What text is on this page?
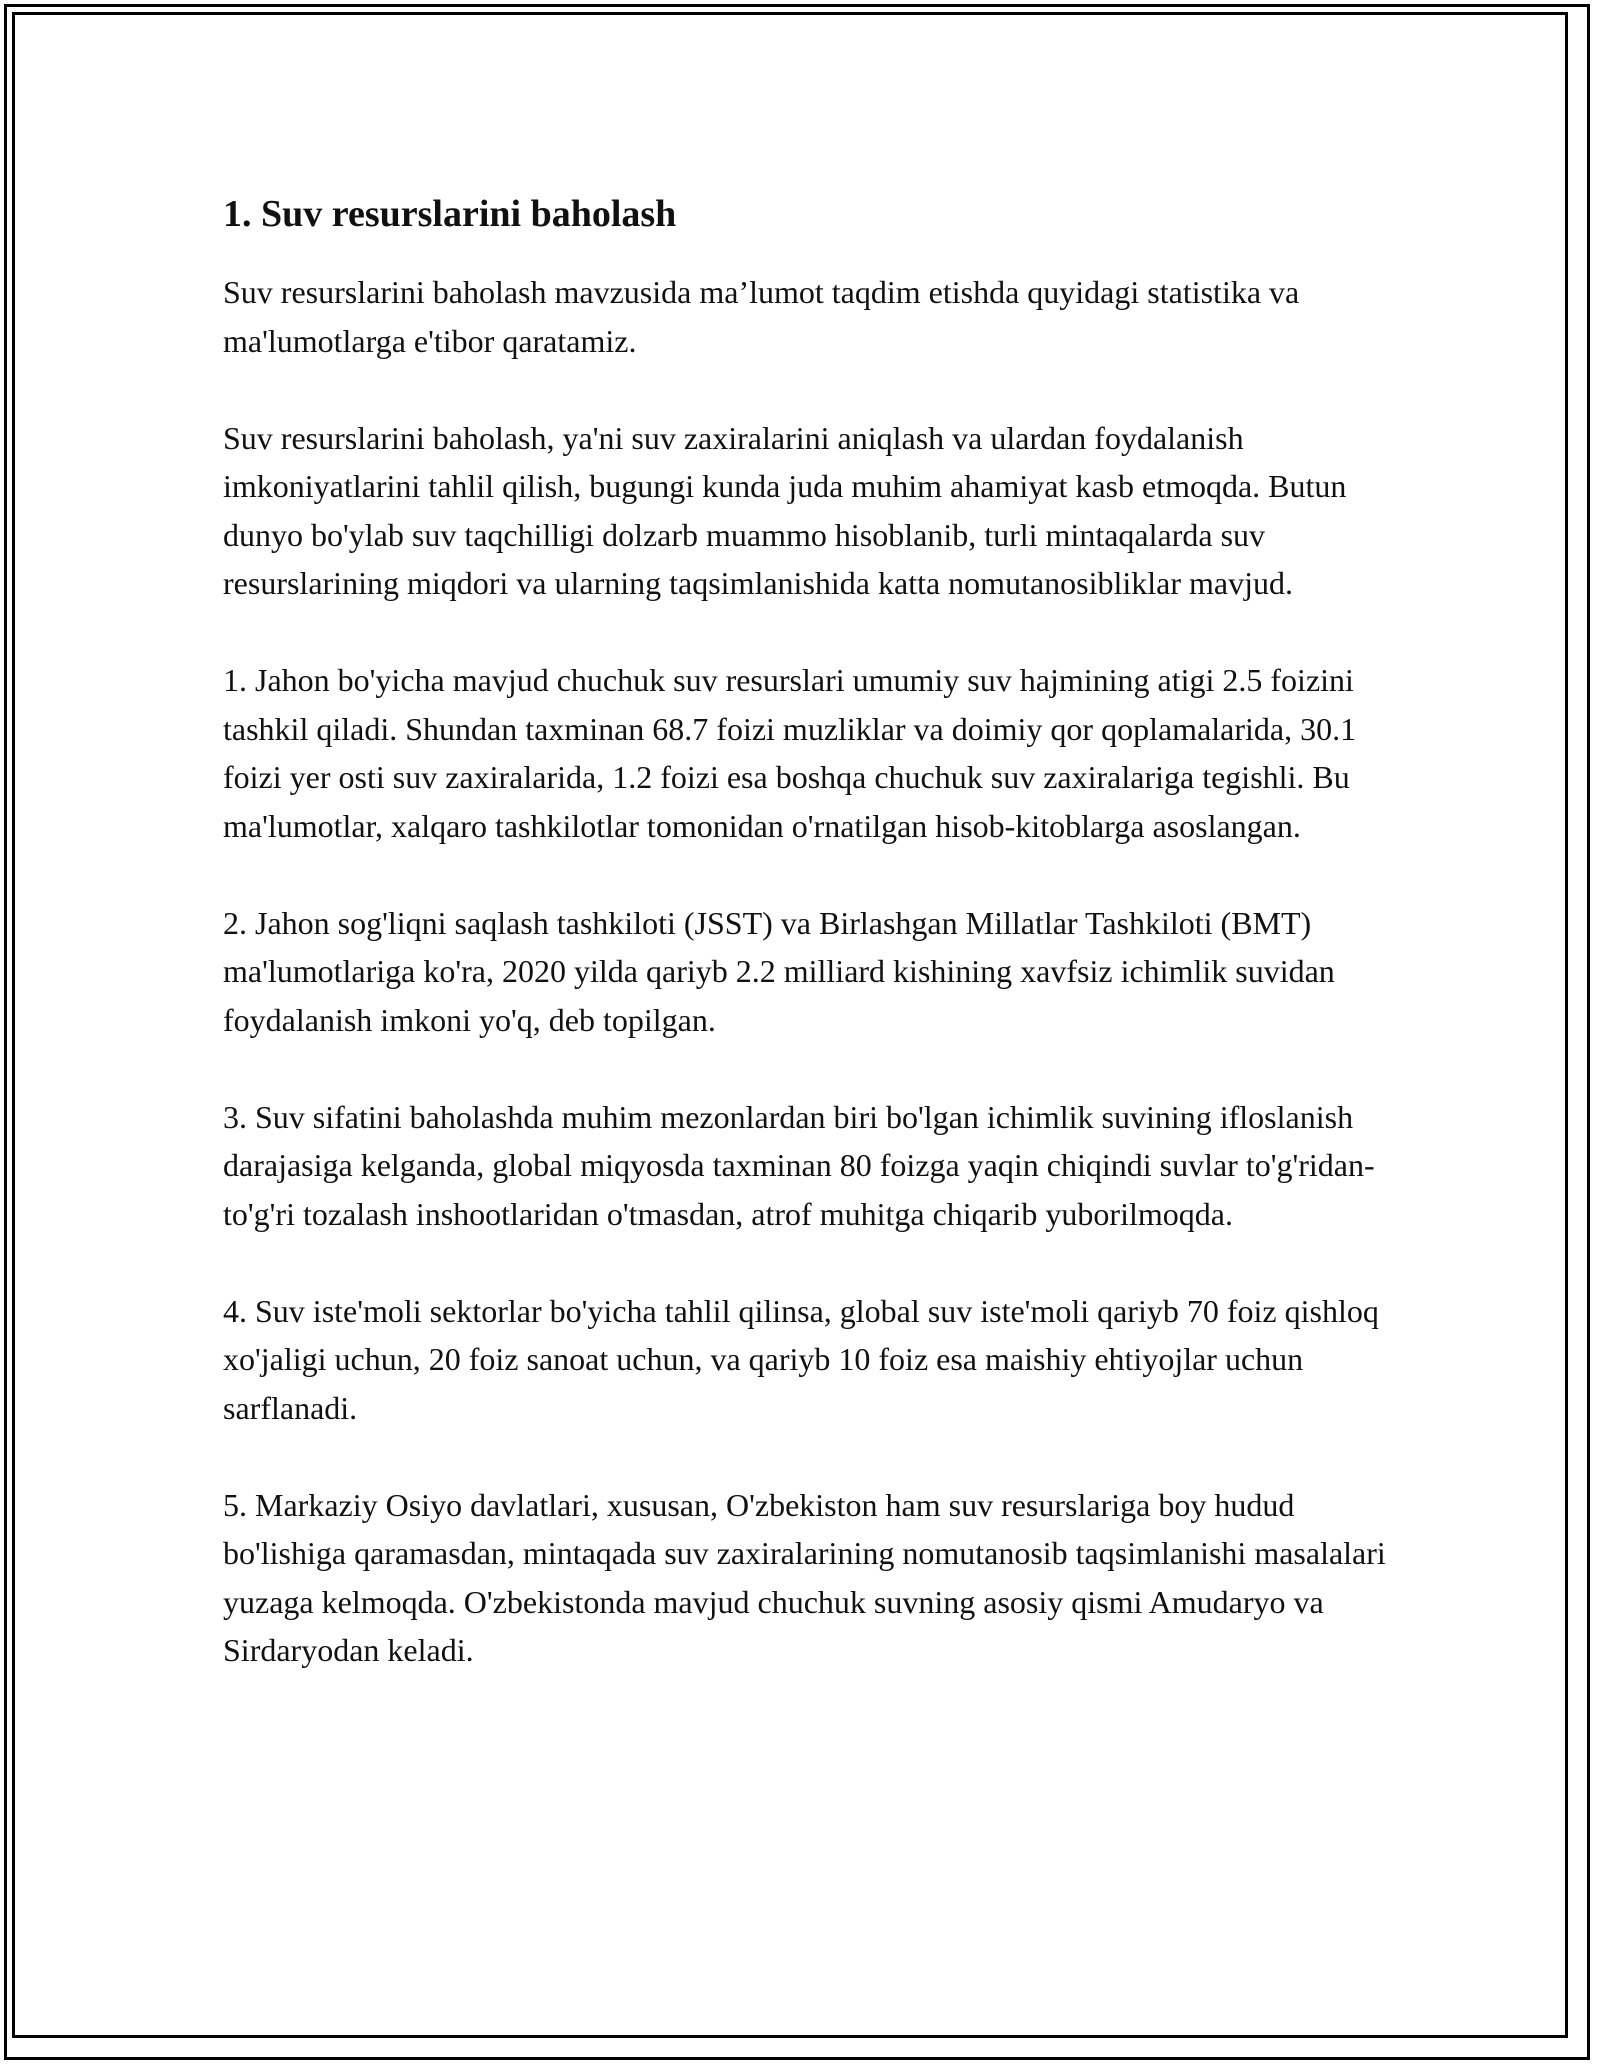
1. Suv resurslarini baholash

Suv resurslarini baholash mavzusida ma’lumot taqdim etishda quyidagi statistika va ma'lumotlarga e'tibor qaratamiz.

Suv resurslarini baholash, ya'ni suv zaxiralarini aniqlash va ulardan foydalanish imkoniyatlarini tahlil qilish, bugungi kunda juda muhim ahamiyat kasb etmoqda. Butun dunyo bo'ylab suv taqchilligi dolzarb muammo hisoblanib, turli mintaqalarda suv resurslarining miqdori va ularning taqsimlanishida katta nomutanosibliklar mavjud.

1. Jahon bo'yicha mavjud chuchuk suv resurslari umumiy suv hajmining atigi 2.5 foizini tashkil qiladi. Shundan taxminan 68.7 foizi muzliklar va doimiy qor qoplamalarida, 30.1 foizi yer osti suv zaxiralarida, 1.2 foizi esa boshqa chuchuk suv zaxiralariga tegishli. Bu ma'lumotlar, xalqaro tashkilotlar tomonidan o'rnatilgan hisob-kitoblarga asoslangan.

2. Jahon sog'liqni saqlash tashkiloti (JSST) va Birlashgan Millatlar Tashkiloti (BMT) ma'lumotlariga ko'ra, 2020 yilda qariyb 2.2 milliard kishining xavfsiz ichimlik suvidan foydalanish imkoni yo'q, deb topilgan.

3. Suv sifatini baholashda muhim mezonlardan biri bo'lgan ichimlik suvining ifloslanish darajasiga kelganda, global miqyosda taxminan 80 foizga yaqin chiqindi suvlar to'g'ridan-to'g'ri tozalash inshootlaridan o'tmasdan, atrof muhitga chiqarib yuborilmoqda.

4. Suv iste'moli sektorlar bo'yicha tahlil qilinsa, global suv iste'moli qariyb 70 foiz qishloq xo'jaligi uchun, 20 foiz sanoat uchun, va qariyb 10 foiz esa maishiy ehtiyojlar uchun sarflanadi.

5. Markaziy Osiyo davlatlari, xususan, O'zbekiston ham suv resurslariga boy hudud bo'lishiga qaramasdan, mintaqada suv zaxiralarining nomutanosib taqsimlanishi masalalari yuzaga kelmoqda. O'zbekistonda mavjud chuchuk suvning asosiy qismi Amudaryo va Sirdaryodan keladi.
